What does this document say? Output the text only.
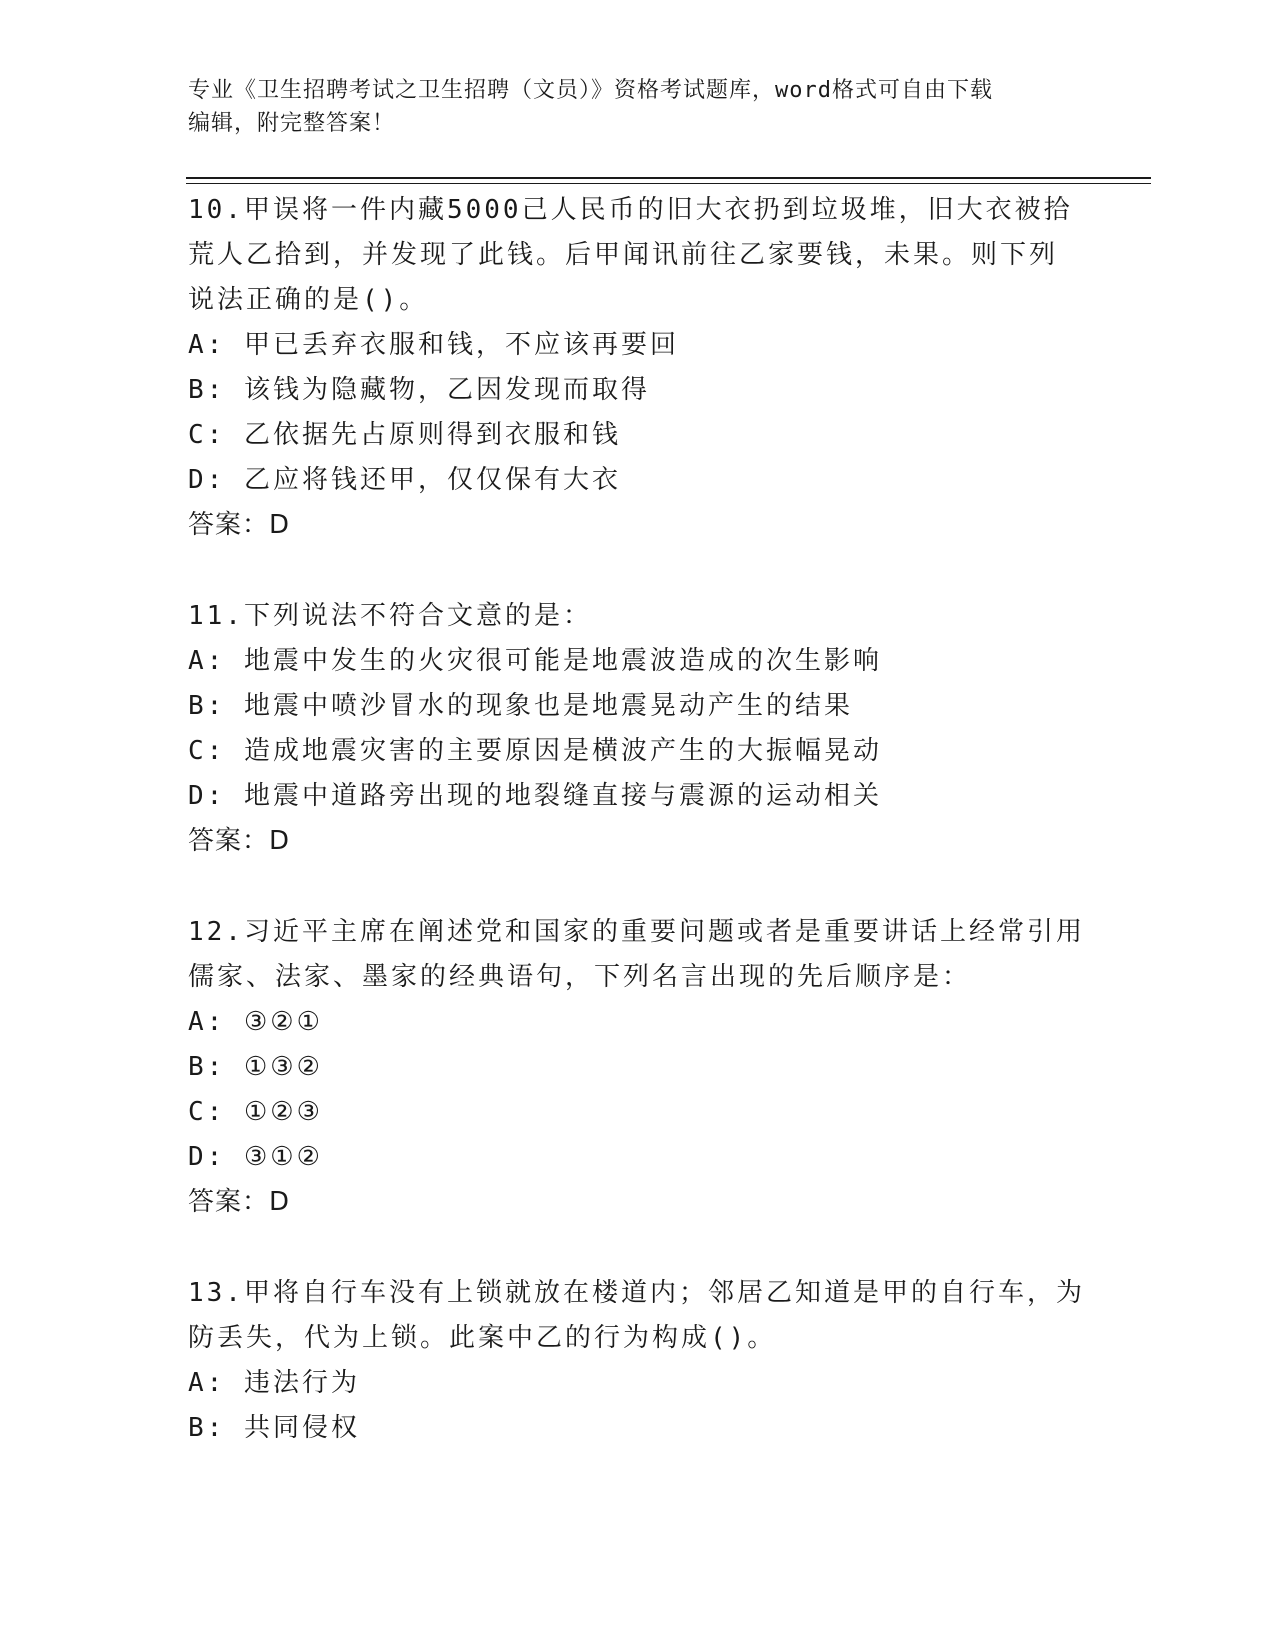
专业《卫生招聘考试之卫生招聘（文员）》资格考试题库，word格式可自由下载
编辑，附完整答案！

10.甲误将一件内藏5000己人民币的旧大衣扔到垃圾堆，旧大衣被拾

荒人乙拾到，并发现了此钱。后甲闻讯前往乙家要钱，未果。则下列

说法正确的是()。

A: 甲已丢弃衣服和钱，不应该再要回

B: 该钱为隐藏物，乙因发现而取得

C: 乙依据先占原则得到衣服和钱

D: 乙应将钱还甲，仅仅保有大衣

答案：D

11.下列说法不符合文意的是：

A: 地震中发生的火灾很可能是地震波造成的次生影响

B: 地震中喷沙冒水的现象也是地震晃动产生的结果

C: 造成地震灾害的主要原因是横波产生的大振幅晃动

D: 地震中道路旁出现的地裂缝直接与震源的运动相关

答案：D

12.习近平主席在阐述党和国家的重要问题或者是重要讲话上经常引用

儒家、法家、墨家的经典语句，下列名言出现的先后顺序是：

A: ③②①

B: ①③②

C: ①②③

D: ③①②

答案：D

13.甲将自行车没有上锁就放在楼道内；邻居乙知道是甲的自行车，为

防丢失，代为上锁。此案中乙的行为构成()。

A: 违法行为

B: 共同侵权
